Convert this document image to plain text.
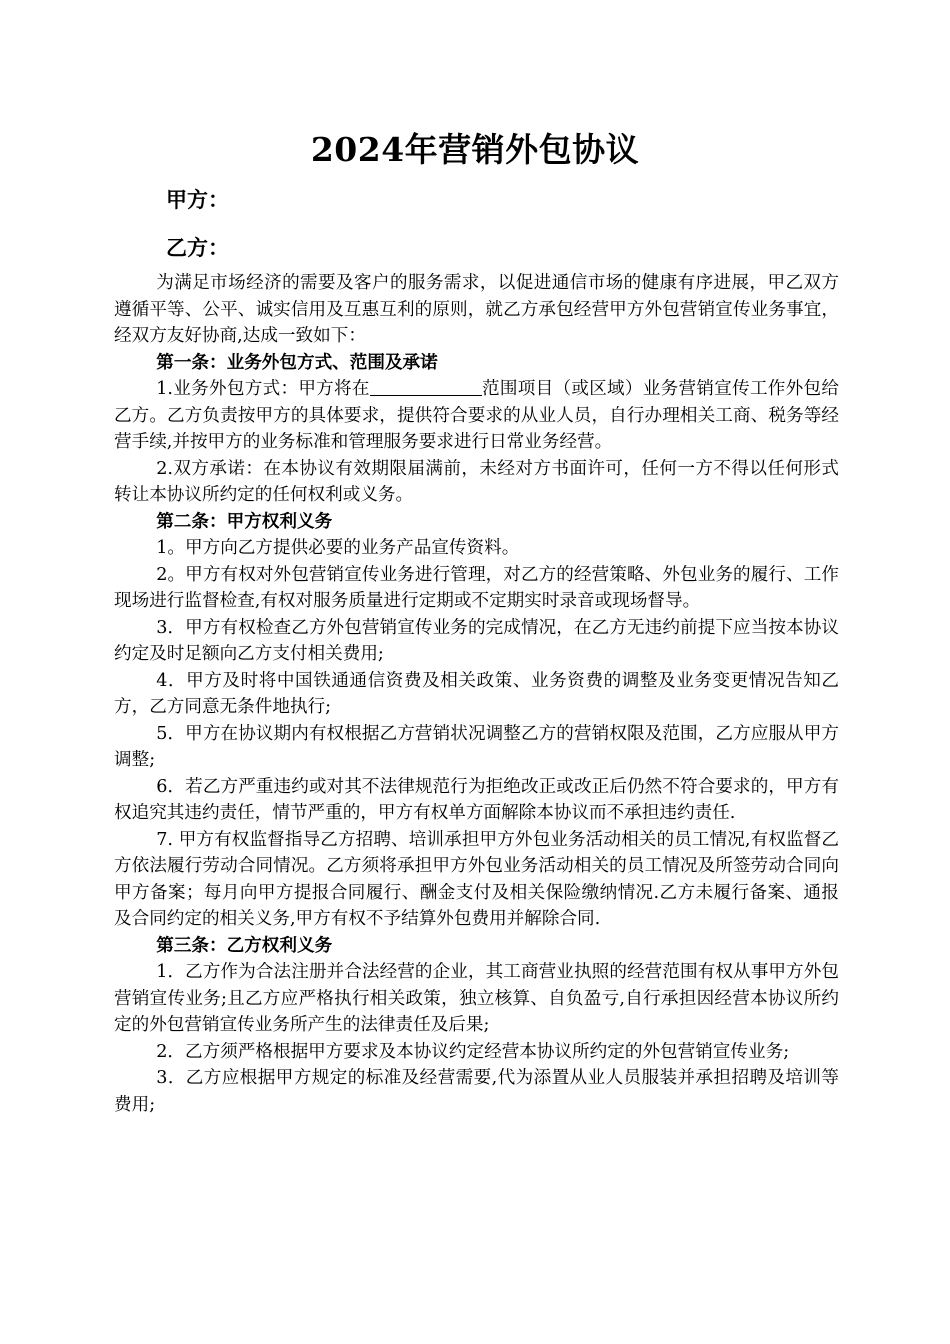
2024年营销外包协议
甲方：
乙方：

为满足市场经济的需要及客户的服务需求，以促进通信市场的健康有序进展，甲乙双方遵循平等、公平、诚实信用及互惠互利的原则，就乙方承包经营甲方外包营销宣传业务事宜，经双方友好协商,达成一致如下：

第一条：业务外包方式、范围及承诺

1.业务外包方式：甲方将在	范围项目（或区域）业务营销宣传工作外包给乙方。乙方负责按甲方的具体要求，提供符合要求的从业人员，自行办理相关工商、税务等经营手续,并按甲方的业务标准和管理服务要求进行日常业务经营。

2.双方承诺：在本协议有效期限届满前，未经对方书面许可，任何一方不得以任何形式转让本协议所约定的任何权利或义务。

第二条：甲方权利义务

1。甲方向乙方提供必要的业务产品宣传资料。

2。甲方有权对外包营销宣传业务进行管理，对乙方的经营策略、外包业务的履行、工作现场进行监督检查,有权对服务质量进行定期或不定期实时录音或现场督导。

3．甲方有权检查乙方外包营销宣传业务的完成情况，在乙方无违约前提下应当按本协议约定及时足额向乙方支付相关费用;

4．甲方及时将中国铁通通信资费及相关政策、业务资费的调整及业务变更情况告知乙方，乙方同意无条件地执行;

5．甲方在协议期内有权根据乙方营销状况调整乙方的营销权限及范围，乙方应服从甲方调整;

6．若乙方严重违约或对其不法律规范行为拒绝改正或改正后仍然不符合要求的，甲方有权追究其违约责任，情节严重的，甲方有权单方面解除本协议而不承担违约责任.

7. 甲方有权监督指导乙方招聘、培训承担甲方外包业务活动相关的员工情况,有权监督乙方依法履行劳动合同情况。乙方须将承担甲方外包业务活动相关的员工情况及所签劳动合同向甲方备案；每月向甲方提报合同履行、酬金支付及相关保险缴纳情况.乙方未履行备案、通报及合同约定的相关义务,甲方有权不予结算外包费用并解除合同.

第三条：乙方权利义务

1．乙方作为合法注册并合法经营的企业，其工商营业执照的经营范围有权从事甲方外包营销宣传业务;且乙方应严格执行相关政策，独立核算、自负盈亏,自行承担因经营本协议所约定的外包营销宣传业务所产生的法律责任及后果;

2．乙方须严格根据甲方要求及本协议约定经营本协议所约定的外包营销宣传业务;

3．乙方应根据甲方规定的标准及经营需要,代为添置从业人员服装并承担招聘及培训等费用;
